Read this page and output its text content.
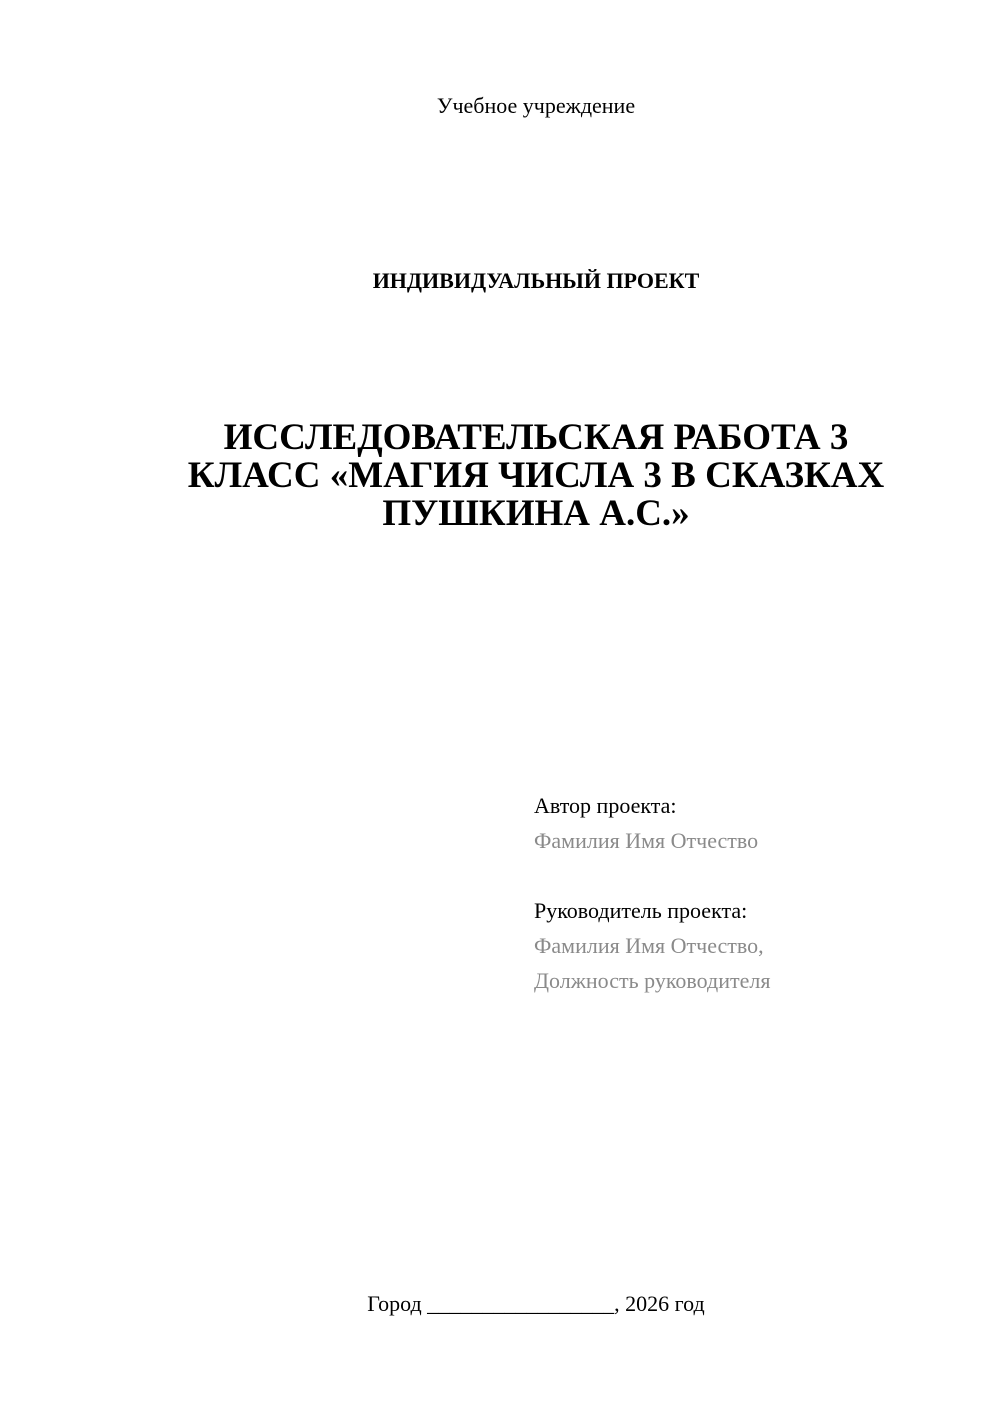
Учебное учреждение
ИНДИВИДУАЛЬНЫЙ ПРОЕКТ
ИССЛЕДОВАТЕЛЬСКАЯ РАБОТА 3
КЛАСС «МАГИЯ ЧИСЛА 3 В СКАЗКАХ
ПУШКИНА А.С.»
Автор проекта:
Фамилия Имя Отчество
Руководитель проекта:
Фамилия Имя Отчество,
Должность руководителя
Город _________________, 2026 год
